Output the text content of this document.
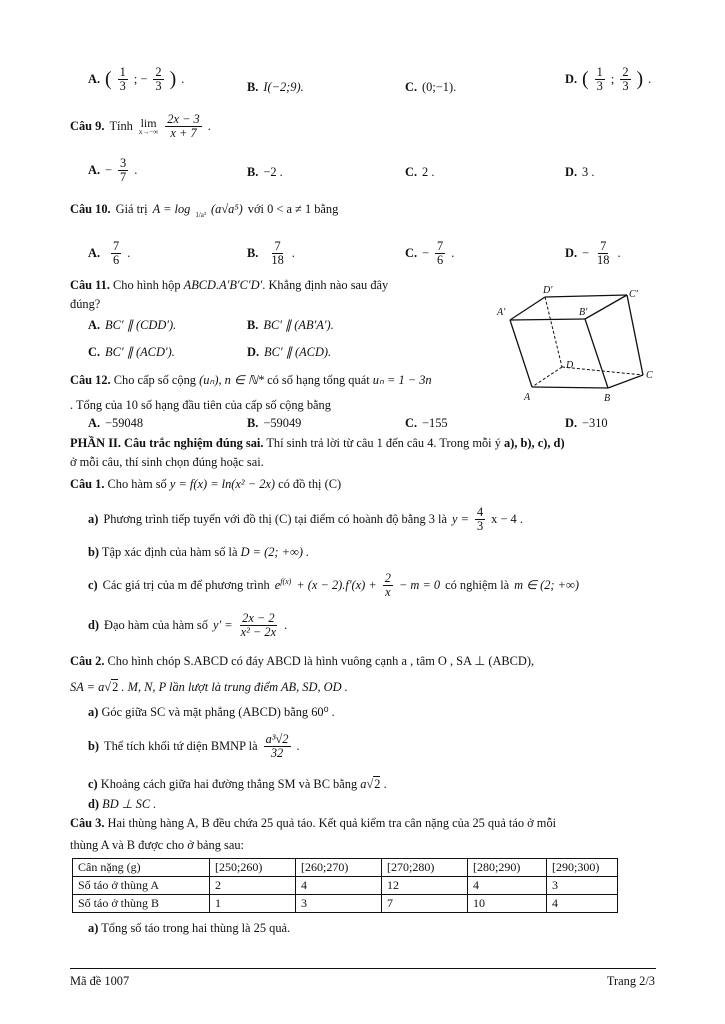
A. ( $\frac{1}{3}$ ; − $\frac{2}{3}$ ) .
B. I(−2;9).	C. (0;−1).
D. ( $\frac{1}{3}$ ; $\frac{2}{3}$ ) .
Câu 9. Tính lim
$x\to-\infty \frac{2x - 3}{x + 7}$ .
A. − $\frac{3}{7}$ .	B. −2 .	C. 2 .	D. 3 .
Câu 10. Giá trị A = log $_{1/a^3}$ (a√a⁵) với 0 < a ≠ 1 bằng
A. $\frac{7}{6}$ .	B. $\frac{7}{18}$ .	C. − $\frac{7}{6}$ .	D. − $\frac{7}{18}$ .
Câu 11. Cho hình hộp ABCD.A′B′C′D′. Khẳng định nào sau đây
đúng?
A. BC′ ∥ (CDD′).	B. BC′ ∥ (AB′A′).
C. BC′ ∥ (ACD′).	D. BC′ ∥ (ACD).
A′
D′	C′
B′
D
C
A	B
Câu 12. Cho cấp số cộng (uₙ), n ∈ ℕ* có số hạng tổng quát uₙ = 1 − 3n
. Tổng của 10 số hạng đầu tiên của cấp số cộng bằng
A. −59048	B. −59049	C. −155	D. −310
PHẦN II. Câu trắc nghiệm đúng sai. Thí sinh trả lời từ câu 1 đến câu 4. Trong mỗi ý a), b), c), d)
ở mỗi câu, thí sinh chọn đúng hoặc sai.
Câu 1. Cho hàm số y = f(x) = ln(x² − 2x) có đồ thị (C)
a) Phương trình tiếp tuyến với đồ thị (C) tại điểm có hoành độ bằng 3 là $y = \frac{4}{3}$ x − 4 .
b) Tập xác định của hàm số là D = (2; +∞) .
c) Các giá trị của m để phương trình $e^{f(x)} + (x - 2).f'(x) + \frac{2}{x} - m = 0$ có nghiệm là m ∈ (2; +∞)
d) Đạo hàm của hàm số $y' = \frac{2x - 2}{\text{x² − 2x}}$ .
Câu 2. Cho hình chóp S.ABCD có đáy ABCD là hình vuông cạnh a , tâm O , SA ⊥ (ABCD),
SA = a√2 . M, N, P lần lượt là trung điểm AB, SD, OD .
a) Góc giữa SC và mặt phẳng (ABCD) bằng 60⁰ .
b) Thể tích khối tứ diện BMNP là $\frac{\text{a³√2}}{32}$ .
c) Khoảng cách giữa hai đường thẳng SM và BC bằng a√2 .
d) BD ⊥ SC .
Câu 3. Hai thùng hàng A, B đều chứa 25 quả táo. Kết quả kiểm tra cân nặng của 25 quả táo ở mỗi
thùng A và B được cho ở bảng sau:
Cân nặng (g)	[250;260)	[260;270)	[270;280)	[280;290)	[290;300)
Số táo ở thùng A	2	4	12	4	3
Số táo ở thùng B	1	3	7	10	4
a) Tổng số táo trong hai thùng là 25 quả.
Mã đề 1007	Trang 2/3
